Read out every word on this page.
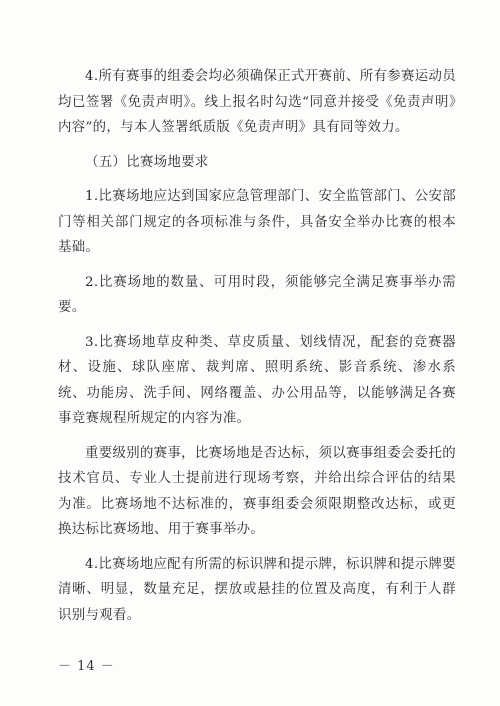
4.所有赛事的组委会均必须确保正式开赛前、所有参赛运动员均已签署《免责声明》。线上报名时勾选“同意并接受《免责声明》内容”的，与本人签署纸质版《免责声明》具有同等效力。

（五）比赛场地要求

1.比赛场地应达到国家应急管理部门、安全监管部门、公安部门等相关部门规定的各项标准与条件，具备安全举办比赛的根本基础。

2.比赛场地的数量、可用时段，须能够完全满足赛事举办需要。

3.比赛场地草皮种类、草皮质量、划线情况，配套的竞赛器材、设施、球队座席、裁判席、照明系统、影音系统、渗水系统、功能房、洗手间、网络覆盖、办公用品等，以能够满足各赛事竞赛规程所规定的内容为准。

重要级别的赛事，比赛场地是否达标，须以赛事组委会委托的技术官员、专业人士提前进行现场考察，并给出综合评估的结果为准。比赛场地不达标准的，赛事组委会须限期整改达标，或更换达标比赛场地、用于赛事举办。

4.比赛场地应配有所需的标识牌和提示牌，标识牌和提示牌要清晰、明显，数量充足，摆放或悬挂的位置及高度，有利于人群识别与观看。

－ 14 －
